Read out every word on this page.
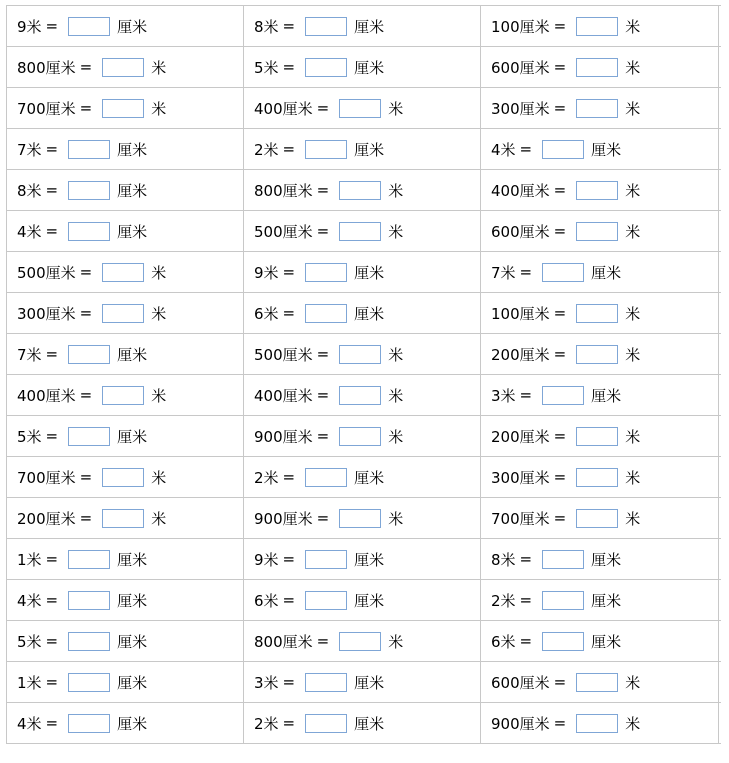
9米 =	厘米	8米 =	厘米	100厘米 =	米
800厘米 =	米	5米 =	厘米	600厘米 =	米
700厘米 =	米	400厘米 =	米	300厘米 =	米
7米 =	厘米	2米 =	厘米	4米 =	厘米
8米 =	厘米	800厘米 =	米	400厘米 =	米
4米 =	厘米	500厘米 =	米	600厘米 =	米
500厘米 =	米	9米 =	厘米	7米 =	厘米
300厘米 =	米	6米 =	厘米	100厘米 =	米
7米 =	厘米	500厘米 =	米	200厘米 =	米
400厘米 =	米	400厘米 =	米	3米 =	厘米
5米 =	厘米	900厘米 =	米	200厘米 =	米
700厘米 =	米	2米 =	厘米	300厘米 =	米
200厘米 =	米	900厘米 =	米	700厘米 =	米
1米 =	厘米	9米 =	厘米	8米 =	厘米
4米 =	厘米	6米 =	厘米	2米 =	厘米
5米 =	厘米	800厘米 =	米	6米 =	厘米
1米 =	厘米	3米 =	厘米	600厘米 =	米
4米 =	厘米	2米 =	厘米	900厘米 =	米
